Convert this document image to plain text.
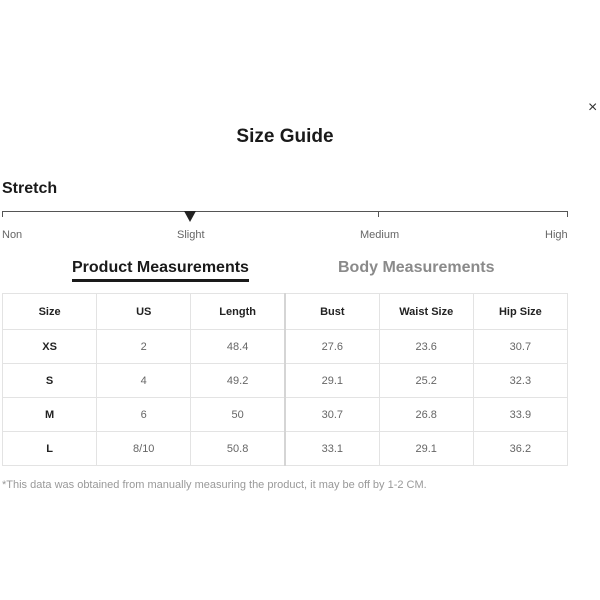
×
Size Guide
Stretch
Non	Slight	Medium	High
Product Measurements	Body Measurements
Size	US	Length	Bust	Waist Size	Hip Size
XS	2	48.4	27.6	23.6	30.7
S	4	49.2	29.1	25.2	32.3
M	6	50	30.7	26.8	33.9
L	8/10	50.8	33.1	29.1	36.2
*This data was obtained from manually measuring the product, it may be off by 1-2 CM.
